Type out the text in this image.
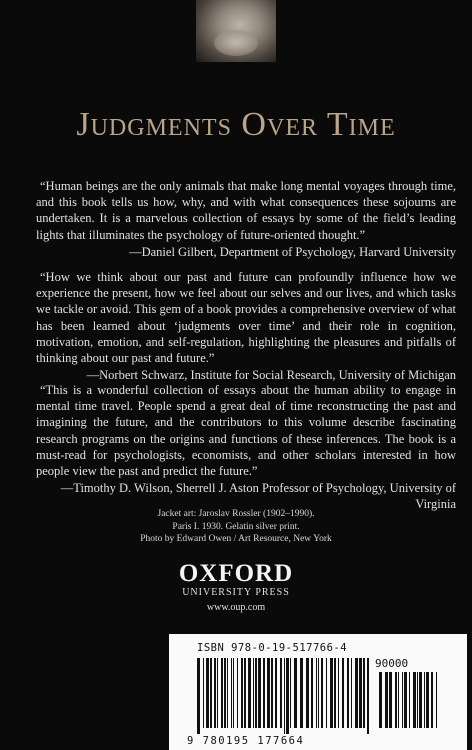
Judgments Over Time

“Human beings are the only animals that make long mental voyages through time, and this book tells us how, why, and with what consequences these sojourns are undertaken. It is a marvelous collection of essays by some of the field’s leading lights that illuminates the psychology of future-oriented thought.”

—Daniel Gilbert, Department of Psychology, Harvard University

“How we think about our past and future can profoundly influence how we experience the present, how we feel about our selves and our lives, and which tasks we tackle or avoid. This gem of a book provides a comprehensive overview of what has been learned about ‘judgments over time’ and their role in cognition, motivation, emotion, and self-regulation, highlighting the pleasures and pitfalls of thinking about our past and future.”

—Norbert Schwarz, Institute for Social Research, University of Michigan

“This is a wonderful collection of essays about the human ability to engage in mental time travel. People spend a great deal of time reconstructing the past and imagining the future, and the contributors to this volume describe fascinating research programs on the origins and functions of these inferences. The book is a must-read for psychologists, economists, and other scholars interested in how people view the past and predict the future.”

—Timothy D. Wilson, Sherrell J. Aston Professor of Psychology, University of Virginia
Jacket art: Jaroslav Rossler (1902–1990).
Paris I. 1930. Gelatin silver print.
Photo by Edward Owen / Art Resource, New York
OXFORD
UNIVERSITY PRESS
www.oup.com
ISBN 978-0-19-517766-4
90000
9 780195 177664
